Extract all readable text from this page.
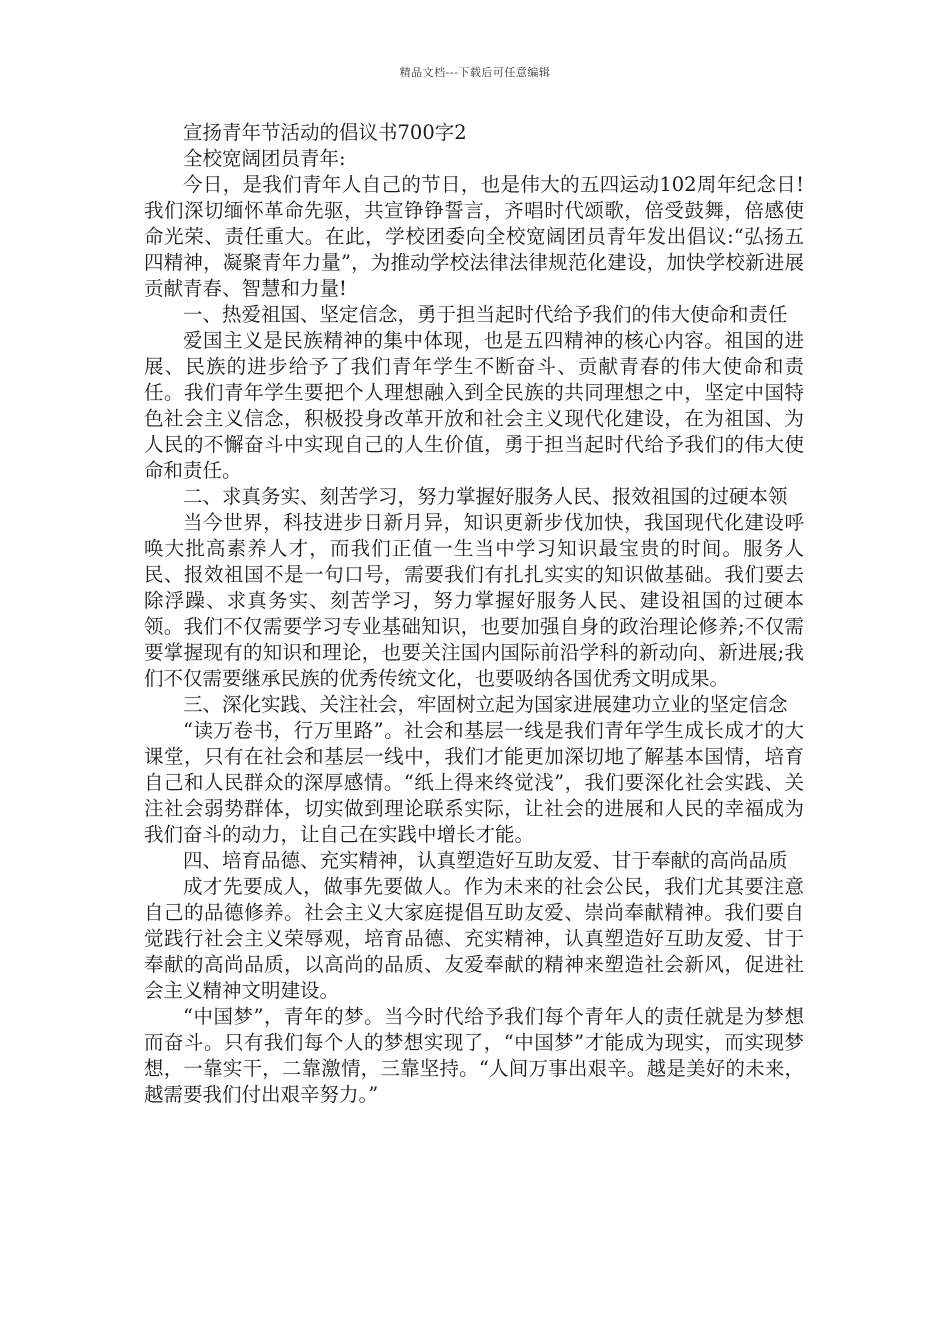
精品文档---下载后可任意编辑

宣扬青年节活动的倡议书700字2

全校宽阔团员青年:

今日，是我们青年人自己的节日，也是伟大的五四运动102周年纪念日!我们深切缅怀革命先驱，共宣铮铮誓言，齐唱时代颂歌，倍受鼓舞，倍感使命光荣、责任重大。在此，学校团委向全校宽阔团员青年发出倡议:“弘扬五四精神，凝聚青年力量”，为推动学校法律法律规范化建设，加快学校新进展贡献青春、智慧和力量!

一、热爱祖国、坚定信念，勇于担当起时代给予我们的伟大使命和责任

爱国主义是民族精神的集中体现，也是五四精神的核心内容。祖国的进展、民族的进步给予了我们青年学生不断奋斗、贡献青春的伟大使命和责任。我们青年学生要把个人理想融入到全民族的共同理想之中，坚定中国特色社会主义信念，积极投身改革开放和社会主义现代化建设，在为祖国、为人民的不懈奋斗中实现自己的人生价值，勇于担当起时代给予我们的伟大使命和责任。

二、求真务实、刻苦学习，努力掌握好服务人民、报效祖国的过硬本领

当今世界，科技进步日新月异，知识更新步伐加快，我国现代化建设呼唤大批高素养人才，而我们正值一生当中学习知识最宝贵的时间。服务人民、报效祖国不是一句口号，需要我们有扎扎实实的知识做基础。我们要去除浮躁、求真务实、刻苦学习，努力掌握好服务人民、建设祖国的过硬本领。我们不仅需要学习专业基础知识，也要加强自身的政治理论修养;不仅需要掌握现有的知识和理论，也要关注国内国际前沿学科的新动向、新进展;我们不仅需要继承民族的优秀传统文化，也要吸纳各国优秀文明成果。

三、深化实践、关注社会，牢固树立起为国家进展建功立业的坚定信念

“读万卷书，行万里路”。社会和基层一线是我们青年学生成长成才的大课堂，只有在社会和基层一线中，我们才能更加深切地了解基本国情，培育自己和人民群众的深厚感情。“纸上得来终觉浅”，我们要深化社会实践、关注社会弱势群体，切实做到理论联系实际，让社会的进展和人民的幸福成为我们奋斗的动力，让自己在实践中增长才能。

四、培育品德、充实精神，认真塑造好互助友爱、甘于奉献的高尚品质

成才先要成人，做事先要做人。作为未来的社会公民，我们尤其要注意自己的品德修养。社会主义大家庭提倡互助友爱、崇尚奉献精神。我们要自觉践行社会主义荣辱观，培育品德、充实精神，认真塑造好互助友爱、甘于奉献的高尚品质，以高尚的品质、友爱奉献的精神来塑造社会新风，促进社会主义精神文明建设。

“中国梦”，青年的梦。当今时代给予我们每个青年人的责任就是为梦想而奋斗。只有我们每个人的梦想实现了，“中国梦”才能成为现实，而实现梦想，一靠实干，二靠激情，三靠坚持。“人间万事出艰辛。越是美好的未来，越需要我们付出艰辛努力。”
